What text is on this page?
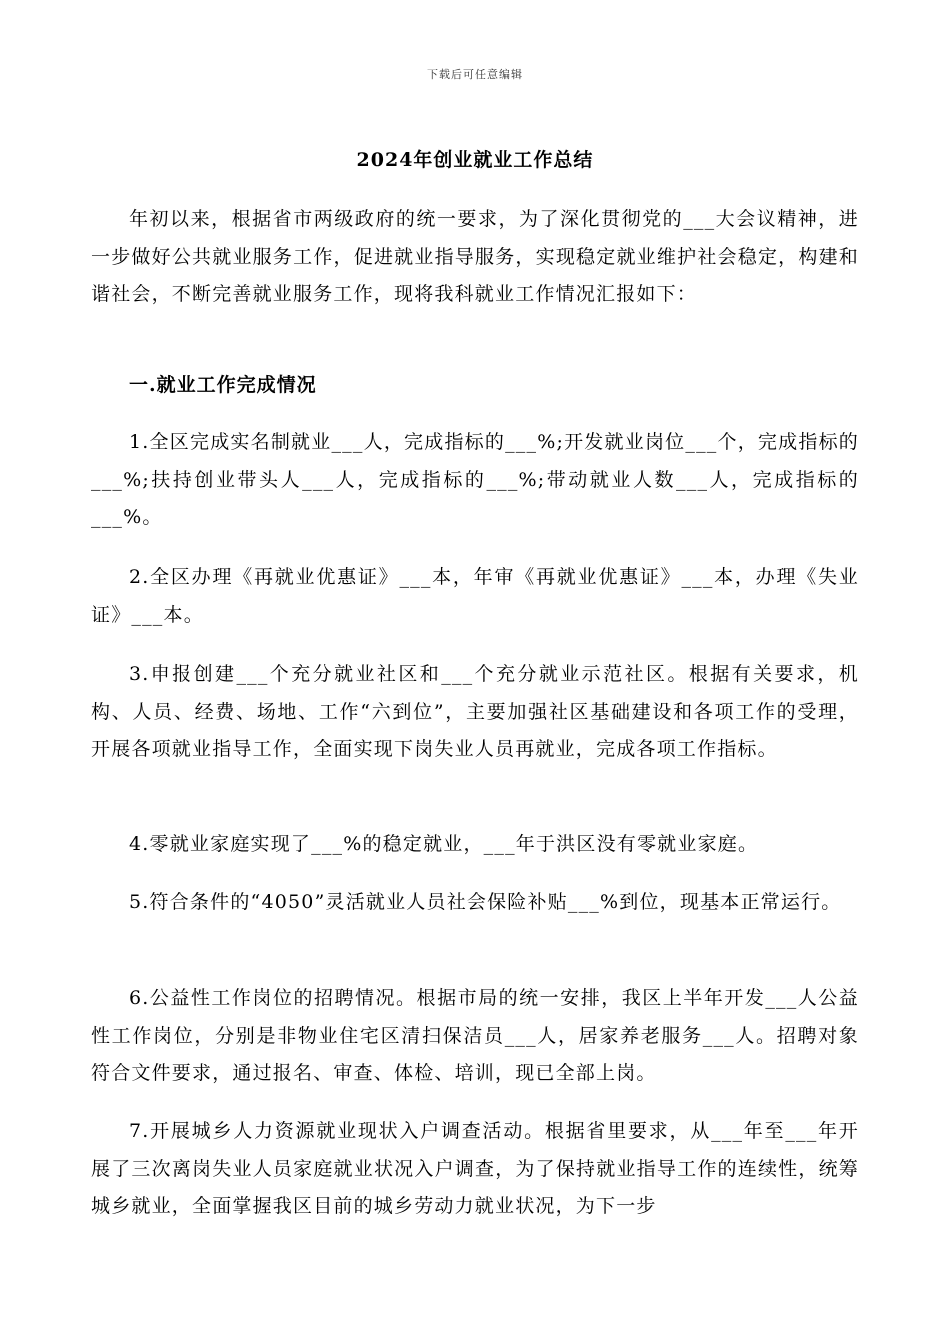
下载后可任意编辑
2024年创业就业工作总结

年初以来，根据省市两级政府的统一要求，为了深化贯彻党的___大会议精神，进一步做好公共就业服务工作，促进就业指导服务，实现稳定就业维护社会稳定，构建和谐社会，不断完善就业服务工作，现将我科就业工作情况汇报如下：

一.就业工作完成情况

1.全区完成实名制就业___人，完成指标的___%;开发就业岗位___个，完成指标的___%;扶持创业带头人___人，完成指标的___%;带动就业人数___人，完成指标的___%。

2.全区办理《再就业优惠证》___本，年审《再就业优惠证》___本，办理《失业证》___本。

3.申报创建___个充分就业社区和___个充分就业示范社区。根据有关要求，机构、人员、经费、场地、工作“六到位”，主要加强社区基础建设和各项工作的受理，开展各项就业指导工作，全面实现下岗失业人员再就业，完成各项工作指标。

4.零就业家庭实现了___%的稳定就业，___年于洪区没有零就业家庭。

5.符合条件的“4050”灵活就业人员社会保险补贴___%到位，现基本正常运行。

6.公益性工作岗位的招聘情况。根据市局的统一安排，我区上半年开发___人公益性工作岗位，分别是非物业住宅区清扫保洁员___人，居家养老服务___人。招聘对象符合文件要求，通过报名、审查、体检、培训，现已全部上岗。

7.开展城乡人力资源就业现状入户调查活动。根据省里要求，从___年至___年开展了三次离岗失业人员家庭就业状况入户调查，为了保持就业指导工作的连续性，统筹城乡就业，全面掌握我区目前的城乡劳动力就业状况，为下一步
